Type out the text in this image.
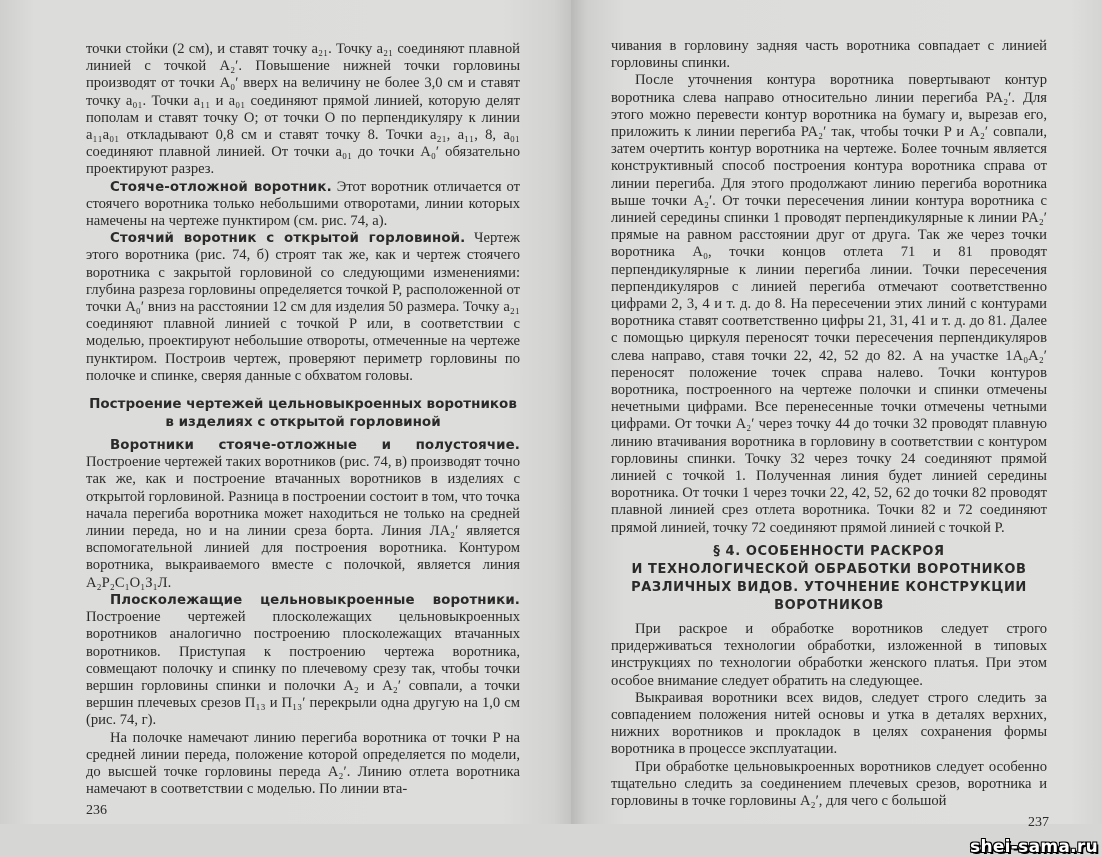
точки стойки (2 см), и ставят точку a₂₁. Точку a₂₁ соединяют плавной линией с точкой A₂′. Повышение нижней точки горловины производят от точки A₀′ вверх на величину не более 3,0 см и ставят точку a₀₁. Точки a₁₁ и a₀₁ соединяют прямой линией, которую делят пополам и ставят точку O; от точки O по перпендикуляру к линии a₁₁a₀₁ откладывают 0,8 см и ставят точку 8. Точки a₂₁, a₁₁, 8, a₀₁ соединяют плавной линией. От точки a₀₁ до точки A₀′ обязательно проектируют разрез.

Стояче-отложной воротник. Этот воротник отличается от стоячего воротника только небольшими отворотами, линии которых намечены на чертеже пунктиром (см. рис. 74, а).

Стоячий воротник с открытой горловиной. Чертеж этого воротника (рис. 74, б) строят так же, как и чертеж стоячего воротника с закрытой горловиной со следующими изменениями: глубина разреза горловины определяется точкой P, расположенной от точки A₀′ вниз на расстоянии 12 см для изделия 50 размера. Точку a₂₁ соединяют плавной линией с точкой P или, в соответствии с моделью, проектируют небольшие отвороты, отмеченные на чертеже пунктиром. Построив чертеж, проверяют периметр горловины по полочке и спинке, сверяя данные с обхватом головы.

Построение чертежей цельновыкроенных воротников в изделиях с открытой горловиной

Воротники стояче-отложные и полустоячие. Построение чертежей таких воротников (рис. 74, в) производят точно так же, как и построение втачанных воротников в изделиях с открытой горловиной. Разница в построении состоит в том, что точка начала перегиба воротника может находиться не только на средней линии переда, но и на линии среза борта. Линия ЛA₂′ является вспомогательной линией для построения воротника. Контуром воротника, выкраиваемого вместе с полочкой, является линия A₂P₂C₁O₁З₁Л.

Плосколежащие цельновыкроенные воротники. Построение чертежей плосколежащих цельновыкроенных воротников аналогично построению плосколежащих втачанных воротников. Приступая к построению чертежа воротника, совмещают полочку и спинку по плечевому срезу так, чтобы точки вершин горловины спинки и полочки A₂ и A₂′ совпали, а точки вершин плечевых срезов П₁₃ и П₁₃′ перекрыли одна другую на 1,0 см (рис. 74, г).

На полочке намечают линию перегиба воротника от точки P на средней линии переда, положение которой определяется по модели, до высшей точке горловины переда A₂′. Линию отлета воротника намечают в соответствии с моделью. По линии вта-

236

чивания в горловину задняя часть воротника совпадает с линией горловины спинки.

После уточнения контура воротника повертывают контур воротника слева направо относительно линии перегиба PA₂′. Для этого можно перевести контур воротника на бумагу и, вырезав его, приложить к линии перегиба PA₂′ так, чтобы точки P и A₂′ совпали, затем очертить контур воротника на чертеже. Более точным является конструктивный способ построения контура воротника справа от линии перегиба. Для этого продолжают линию перегиба воротника выше точки A₂′. От точки пересечения линии контура воротника с линией середины спинки 1 проводят перпендикулярные к линии PA₂′ прямые на равном расстоянии друг от друга. Так же через точки воротника A₀, точки концов отлета 71 и 81 проводят перпендикулярные к линии перегиба линии. Точки пересечения перпендикуляров с линией перегиба отмечают соответственно цифрами 2, 3, 4 и т. д. до 8. На пересечении этих линий с контурами воротника ставят соответственно цифры 21, 31, 41 и т. д. до 81. Далее с помощью циркуля переносят точки пересечения перпендикуляров слева направо, ставя точки 22, 42, 52 до 82. А на участке 1A₀A₂′ переносят положение точек справа налево. Точки контуров воротника, построенного на чертеже полочки и спинки отмечены нечетными цифрами. Все перенесенные точки отмечены четными цифрами. От точки A₂′ через точку 44 до точки 32 проводят плавную линию втачивания воротника в горловину в соответствии с контуром горловины спинки. Точку 32 через точку 24 соединяют прямой линией с точкой 1. Полученная линия будет линией середины воротника. От точки 1 через точки 22, 42, 52, 62 до точки 82 проводят плавной линией срез отлета воротника. Точки 82 и 72 соединяют прямой линией, точку 72 соединяют прямой линией с точкой P.

§ 4. ОСОБЕННОСТИ РАСКРОЯ
И ТЕХНОЛОГИЧЕСКОЙ ОБРАБОТКИ ВОРОТНИКОВ
РАЗЛИЧНЫХ ВИДОВ. УТОЧНЕНИЕ КОНСТРУКЦИИ ВОРОТНИКОВ

При раскрое и обработке воротников следует строго придерживаться технологии обработки, изложенной в типовых инструкциях по технологии обработки женского платья. При этом особое внимание следует обратить на следующее.

Выкраивая воротники всех видов, следует строго следить за совпадением положения нитей основы и утка в деталях верхних, нижних воротников и прокладок в целях сохранения формы воротника в процессе эксплуатации.

При обработке цельновыкроенных воротников следует особенно тщательно следить за соединением плечевых срезов, воротника и горловины в точке горловины A₂′, для чего с большой

237
shei-sama.ru
